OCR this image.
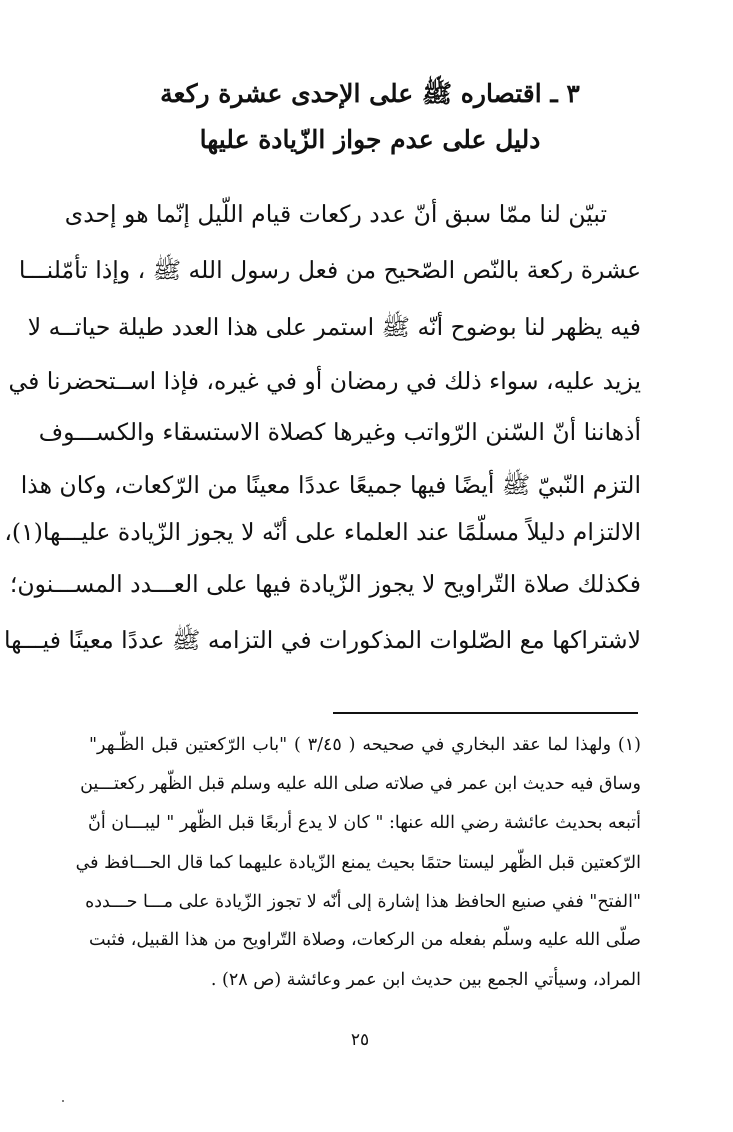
٣ ـ اقتصاره ﷺ على الإحدى عشرة ركعة
دليل على عدم جواز الزّيادة عليها
تبيّن لنا ممّا سبق أنّ عدد ركعات قيام اللّيل إنّما هو إحدى
عشرة ركعة بالنّص الصّحيح من فعل رسول الله ﷺ ، وإذا تأمّلنـــا
فيه يظهر لنا بوضوح أنّه ﷺ استمر على هذا العدد طيلة حياتــه لا
يزيد عليه، سواء ذلك في رمضان أو في غيره، فإذا اســتحضرنا في
أذهاننا أنّ السّنن الرّواتب وغيرها كصلاة الاستسقاء والكســـوف
التزم النّبيّ ﷺ أيضًا فيها جميعًا عددًا معينًا من الرّكعات، وكان هذا
الالتزام دليلاً مسلّمًا عند العلماء على أنّه لا يجوز الزّيادة عليـــها(١)،
فكذلك صلاة التّراويح لا يجوز الزّيادة فيها على العـــدد المســـنون؛
لاشتراكها مع الصّلوات المذكورات في التزامه ﷺ عددًا معينًا فيـــها
(١) ولهذا لما عقد البخاري في صحيحه ( ٣/٤٥ ) "باب الرّكعتين قبل الظّـهر"
وساق فيه حديث ابن عمر في صلاته صلى الله عليه وسلم قبل الظّهر ركعتـــين
أتبعه بحديث عائشة رضي الله عنها: " كان لا يدع أربعًا قبل الظّهر " ليبـــان أنّ
الرّكعتين قبل الظّهر ليستا حتمًا بحيث يمنع الزّيادة عليهما كما قال الحـــافظ في
"الفتح" ففي صنيع الحافظ هذا إشارة إلى أنّه لا تجوز الزّيادة على مـــا حـــدده
صلّى الله عليه وسلّم بفعله من الركعات، وصلاة التّراويح من هذا القبيل، فثبت
المراد، وسيأتي الجمع بين حديث ابن عمر وعائشة (ص ٢٨) .
٢٥
